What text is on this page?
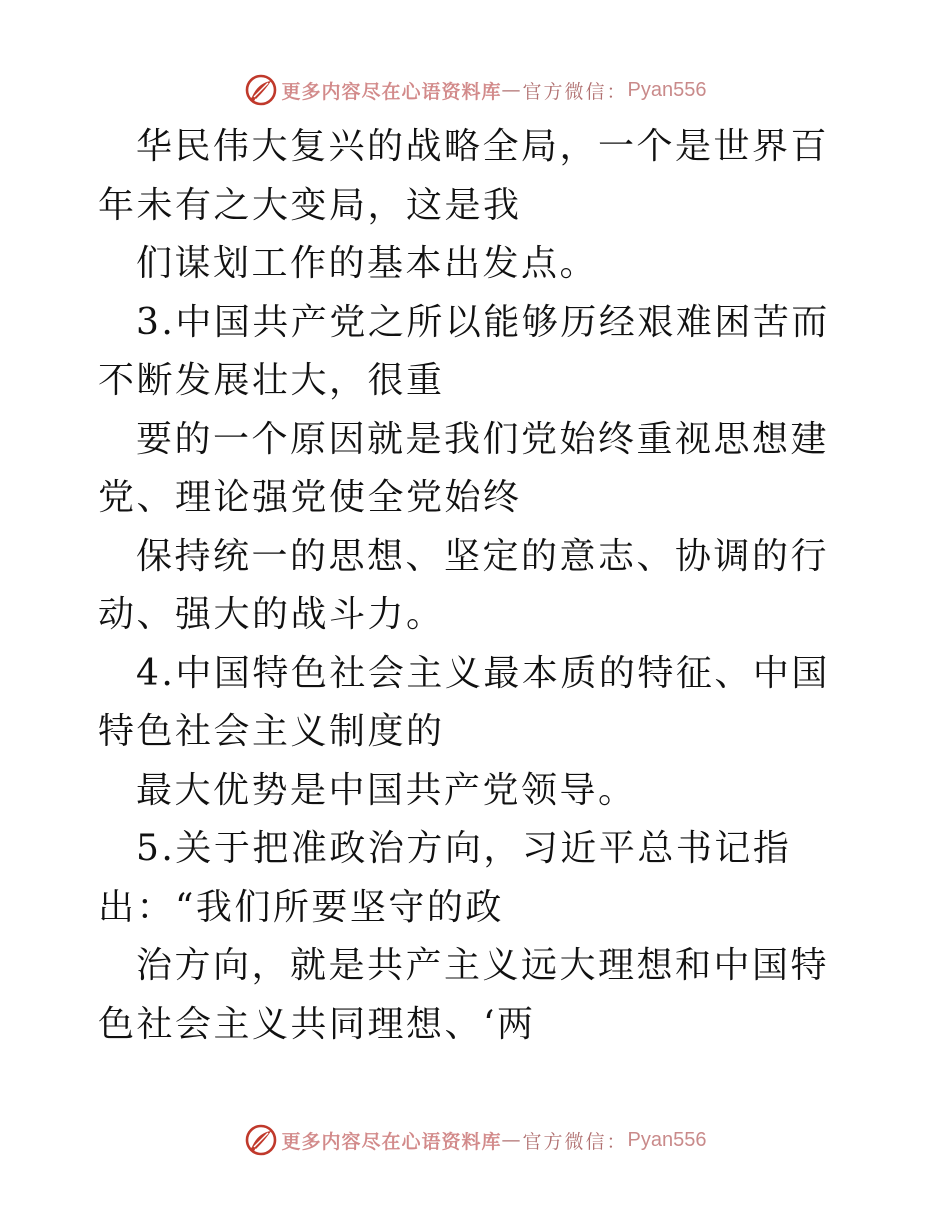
更多内容尽在心语资料库 — 官方微信： Pyan556

华民伟大复兴的战略全局，一个是世界百年未有之大变局，这是我

们谋划工作的基本出发点。

3.中国共产党之所以能够历经艰难困苦而不断发展壮大，很重

要的一个原因就是我们党始终重视思想建党、理论强党使全党始终

保持统一的思想、坚定的意志、协调的行动、强大的战斗力。

4.中国特色社会主义最本质的特征、中国特色社会主义制度的

最大优势是中国共产党领导。

5.关于把准政治方向，习近平总书记指出：“我们所要坚守的政

治方向，就是共产主义远大理想和中国特色社会主义共同理想、‘两

更多内容尽在心语资料库 — 官方微信： Pyan556
